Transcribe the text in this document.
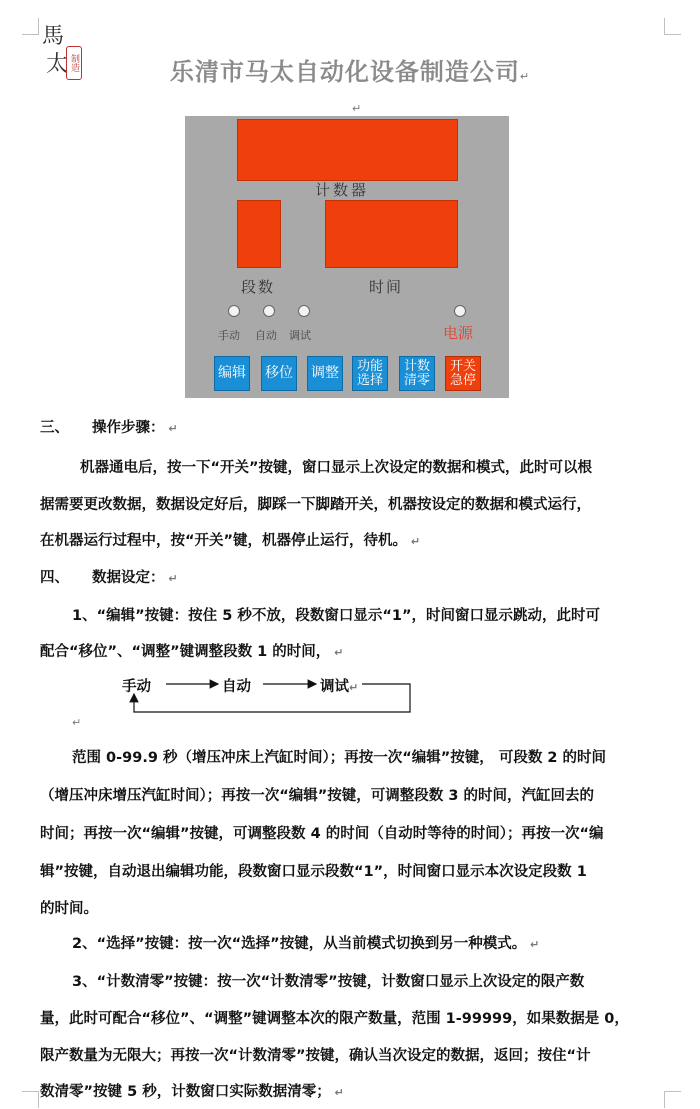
馬
太 制造	乐清市马太自动化设备制造公司↵
↵
计数器
段数	时间
手动 自动 调试	电源
编辑 移位 调整	功能
选择
计数
清零
开关
急停
三、 操作步骤： ↵
机器通电后，按一下“开关”按键，窗口显示上次设定的数据和模式，此时可以根
据需要更改数据，数据设定好后，脚踩一下脚踏开关，机器按设定的数据和模式运行，
在机器运行过程中，按“开关”键，机器停止运行，待机。 ↵
四、 数据设定： ↵
1、“编辑”按键：按住 5 秒不放，段数窗口显示“1”，时间窗口显示跳动，此时可
配合“移位”、“调整”键调整段数 1 的时间， ↵
手动	自动	调试↵
↵
范围 0-99.9 秒（增压冲床上汽缸时间）；再按一次“编辑”按键， 可段数 2 的时间
（增压冲床增压汽缸时间）；再按一次“编辑”按键，可调整段数 3 的时间，汽缸回去的
时间；再按一次“编辑”按键，可调整段数 4 的时间（自动时等待的时间）；再按一次“编
辑”按键，自动退出编辑功能，段数窗口显示段数“1”，时间窗口显示本次设定段数 1
的时间。
2、“选择”按键：按一次“选择”按键，从当前模式切换到另一种模式。 ↵
3、“计数清零”按键：按一次“计数清零”按键，计数窗口显示上次设定的限产数
量，此时可配合“移位”、“调整”键调整本次的限产数量，范围 1-99999，如果数据是 0，
限产数量为无限大；再按一次“计数清零”按键，确认当次设定的数据，返回；按住“计
数清零”按键 5 秒，计数窗口实际数据清零； ↵
